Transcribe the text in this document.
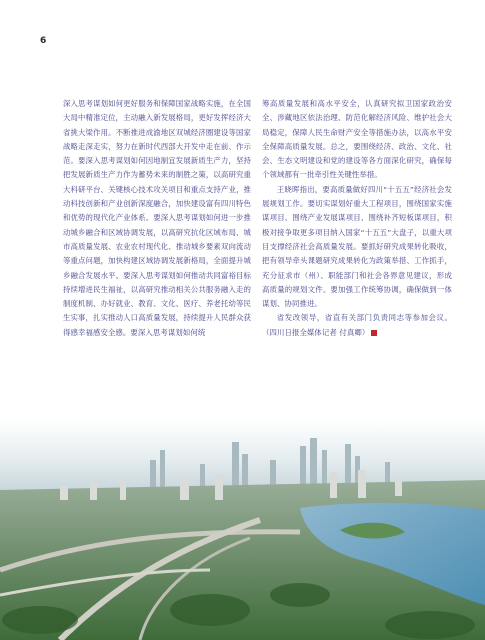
6

深入思考谋划如何更好服务和保障国家战略实施，在全国大局中精准定位，主动融入新发展格局，更好发挥经济大省挑大梁作用。不断推进成渝地区双城经济圈建设等国家战略走深走实，努力在新时代西部大开发中走在前、作示范。要深入思考谋划如何因地制宜发展新质生产力，坚持把发展新质生产力作为蓄势未来的制胜之策，以高研究重大科研平台、关键核心技术攻关项目和重点支持产业，推动科技创新和产业创新深度融合，加快建设富有四川特色和优势的现代化产业体系。要深入思考谋划如何进一步推动城乡融合和区域协调发展，以高研究抗化区域布局、城市高质量发展、农业农村现代化、推动城乡要素双向流动等重点问题，加快构建区域协调发展新格局，全面提升城乡融合发展水平。要深入思考谋划如何推动共同富裕目标持续增进民生福祉，以高研究推动相关公共服务融入走的制度机制、办好就业、教育、文化、医疗、养老托幼等民生实事，扎实推动人口高质量发展，持续提升人民群众获得感幸福感安全感。要深入思考谋划如何统

筹高质量发展和高水平安全，认真研究拟卫国家政治安全、涉藏地区依法治理、防范化解经济风险、维护社会大局稳定，保障人民生命财产安全等措施办法，以高水平安全保障高质量发展。总之，要围绕经济、政治、文化、社会、生态文明建设和党的建设等各方面深化研究，确保每个领域都有一批牵引性关键性举措。

王晓晖指出，要高质量做好四川“十五五”经济社会发展规划工作。要切实谋划好重大工程项目，围绕国家实施谋项目、围绕产业发展谋项目、围绕补齐短板谋项目，积极对接争取更多项目纳入国家“十五五”大盘子，以重大项目支撑经济社会高质量发展。要抓好研究成果转化吸收，把有领导牵头课题研究成果转化为政策举措、工作抓手，充分征求市（州）、职能部门和社会各界意见建议，形成高质量的规划文件。要加强工作统筹协调，确保做到一体谋划、协同推进。

省发改领导，省直有关部门负责同志等参加会议。（四川日报全媒体记者 付真卿）
